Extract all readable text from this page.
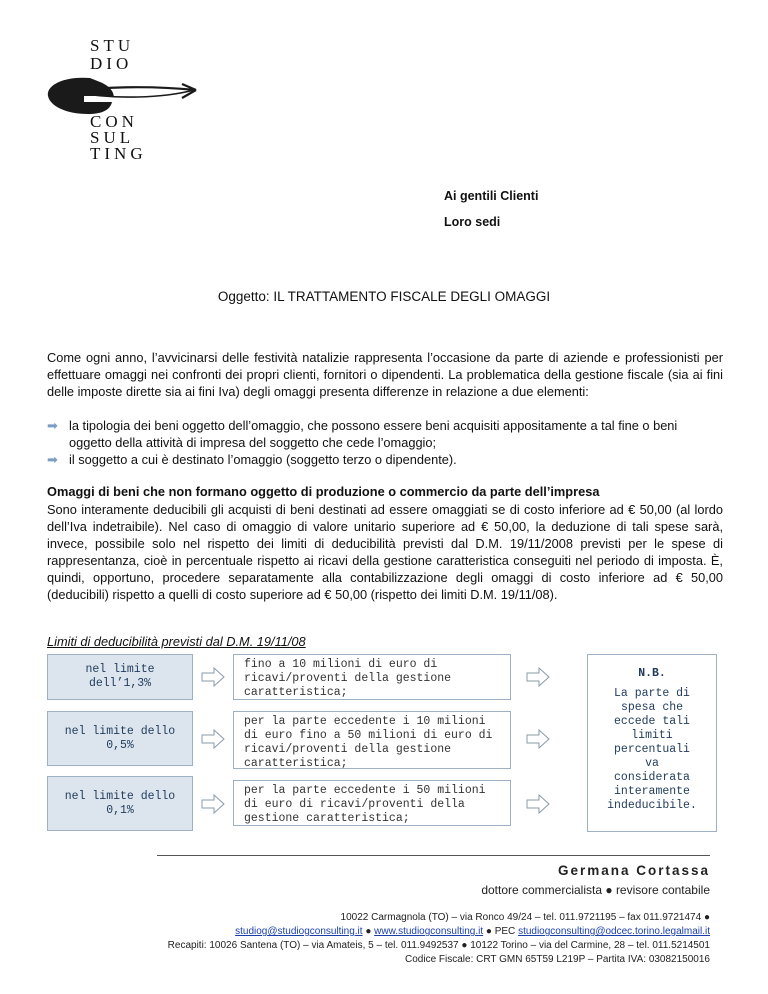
STU
DIO
CON
SUL
TING
Ai gentili Clienti
Loro sedi
Oggetto: IL TRATTAMENTO FISCALE DEGLI OMAGGI
Come ogni anno, l’avvicinarsi delle festività natalizie rappresenta l’occasione da parte di aziende e professionisti per effettuare omaggi nei confronti dei propri clienti, fornitori o dipendenti. La problematica della gestione fiscale (sia ai fini delle imposte dirette sia ai fini Iva) degli omaggi presenta differenze in relazione a due elementi:
➡ la tipologia dei beni oggetto dell’omaggio, che possono essere beni acquisiti appositamente a tal fine o beni oggetto della attività di impresa del soggetto che cede l’omaggio;
➡ il soggetto a cui è destinato l’omaggio (soggetto terzo o dipendente).
Omaggi di beni che non formano oggetto di produzione o commercio da parte dell’impresa
Sono interamente deducibili gli acquisti di beni destinati ad essere omaggiati se di costo inferiore ad € 50,00 (al lordo dell’Iva indetraibile). Nel caso di omaggio di valore unitario superiore ad € 50,00, la deduzione di tali spese sarà, invece, possibile solo nel rispetto dei limiti di deducibilità previsti dal D.M. 19/11/2008 previsti per le spese di rappresentanza, cioè in percentuale rispetto ai ricavi della gestione caratteristica conseguiti nel periodo di imposta. È, quindi, opportuno, procedere separatamente alla contabilizzazione degli omaggi di costo inferiore ad € 50,00 (deducibili) rispetto a quelli di costo superiore ad € 50,00 (rispetto dei limiti D.M. 19/11/08).
Limiti di deducibilità previsti dal D.M. 19/11/08
nel limite dell’1,3%
nel limite dello 0,5%
nel limite dello 0,1%
fino a 10 milioni di euro di ricavi/proventi della gestione caratteristica;
per la parte eccedente i 10 milioni di euro fino a 50 milioni di euro di ricavi/proventi della gestione caratteristica;
per la parte eccedente i 50 milioni di euro di ricavi/proventi della gestione caratteristica;
N.B.
La parte di spesa che eccede tali limiti percentuali va considerata interamente indeducibile.
Germana Cortassa
dottore commercialista ● revisore contabile
10022 Carmagnola (TO) – via Ronco 49/24 – tel. 011.9721195 – fax 011.9721474 ●
studiog@studiogconsulting.it ● www.studiogconsulting.it ● PEC studiogconsulting@odcec.torino.legalmail.it
Recapiti: 10026 Santena (TO) – via Amateis, 5 – tel. 011.9492537 ● 10122 Torino – via del Carmine, 28 – tel. 011.5214501
Codice Fiscale: CRT GMN 65T59 L219P – Partita IVA: 03082150016
